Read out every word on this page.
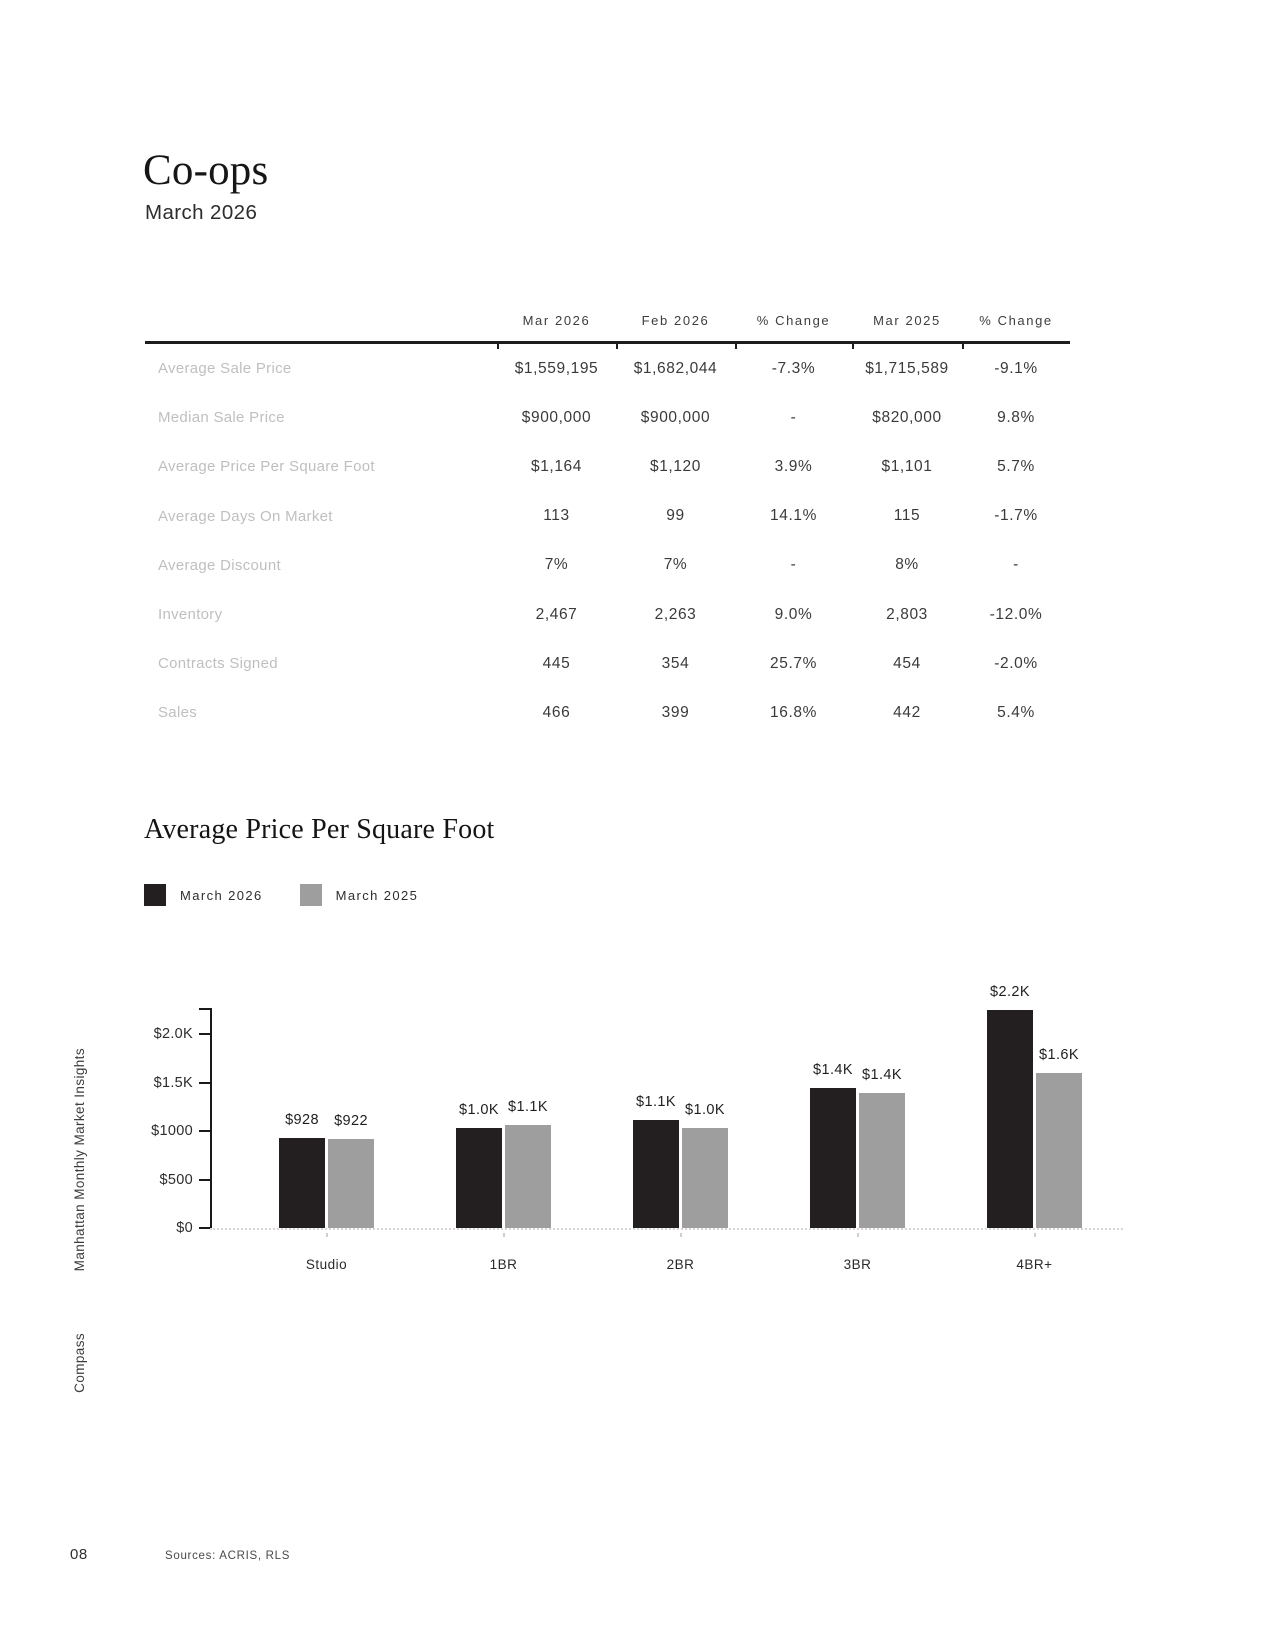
Manhattan Monthly Market Insights
Compass
Co-ops
March 2026
Mar 2026	Feb 2026	% Change	Mar 2025	% Change
Average Sale Price	$1,559,195	$1,682,044	-7.3%	$1,715,589	-9.1%
Median Sale Price	$900,000	$900,000	-	$820,000	9.8%
Average Price Per Square Foot	$1,164	$1,120	3.9%	$1,101	5.7%
Average Days On Market	113	99	14.1%	115	-1.7%
Average Discount	7%	7%	-	8%	-
Inventory	2,467	2,263	9.0%	2,803	-12.0%
Contracts Signed	445	354	25.7%	454	-2.0%
Sales	466	399	16.8%	442	5.4%
Average Price Per Square Foot
March 2026	March 2025
$0
$500
$1000
$1.5K
$2.0K
$928 $922
Studio
$1.0K $1.1K
1BR
$1.1K
$1.0K
2BR
$1.4K $1.4K
3BR
$2.2K
$1.6K
4BR+
08	Sources: ACRIS, RLS
